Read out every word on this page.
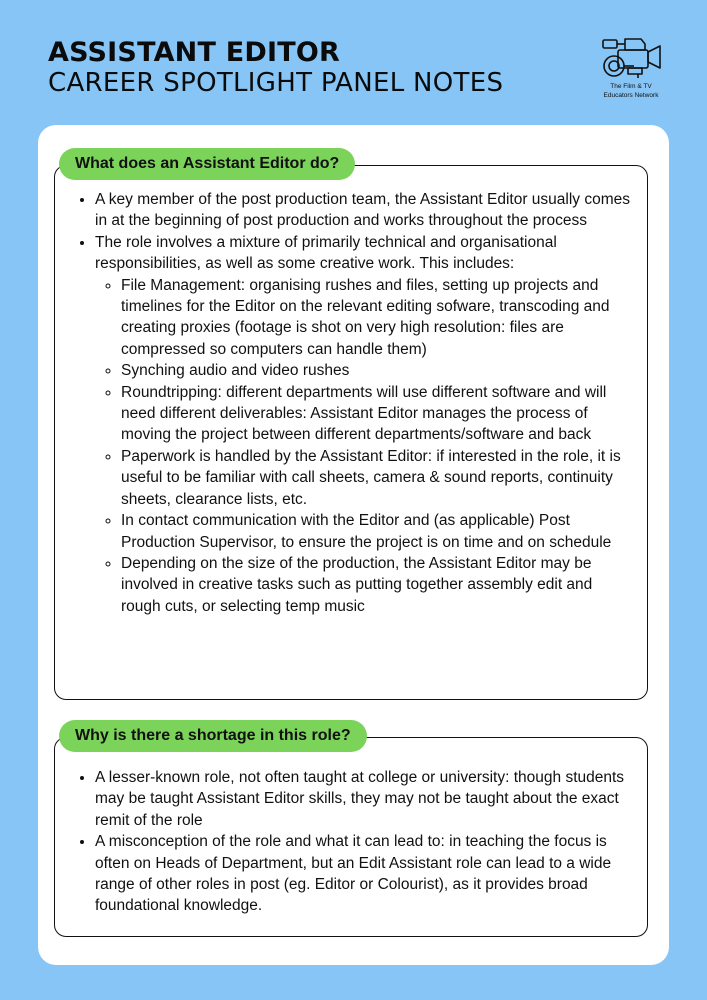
ASSISTANT EDITOR
CAREER SPOTLIGHT PANEL NOTES	The Film & TV
Educators Network
What does an Assistant Editor do?
• A key member of the post production team, the Assistant Editor usually comes in at the beginning of post production and works throughout the process
• The role involves a mixture of primarily technical and organisational responsibilities, as well as some creative work. This includes:
◦ File Management: organising rushes and files, setting up projects and timelines for the Editor on the relevant editing sofware, transcoding and creating proxies (footage is shot on very high resolution: files are compressed so computers can handle them)
◦ Synching audio and video rushes
◦ Roundtripping: different departments will use different software and will need different deliverables: Assistant Editor manages the process of moving the project between different departments/software and back
◦ Paperwork is handled by the Assistant Editor: if interested in the role, it is useful to be familiar with call sheets, camera & sound reports, continuity sheets, clearance lists, etc.
◦ In contact communication with the Editor and (as applicable) Post Production Supervisor, to ensure the project is on time and on schedule
◦ Depending on the size of the production, the Assistant Editor may be involved in creative tasks such as putting together assembly edit and rough cuts, or selecting temp music
Why is there a shortage in this role?
• A lesser-known role, not often taught at college or university: though students may be taught Assistant Editor skills, they may not be taught about the exact remit of the role
• A misconception of the role and what it can lead to: in teaching the focus is often on Heads of Department, but an Edit Assistant role can lead to a wide range of other roles in post (eg. Editor or Colourist), as it provides broad foundational knowledge.
